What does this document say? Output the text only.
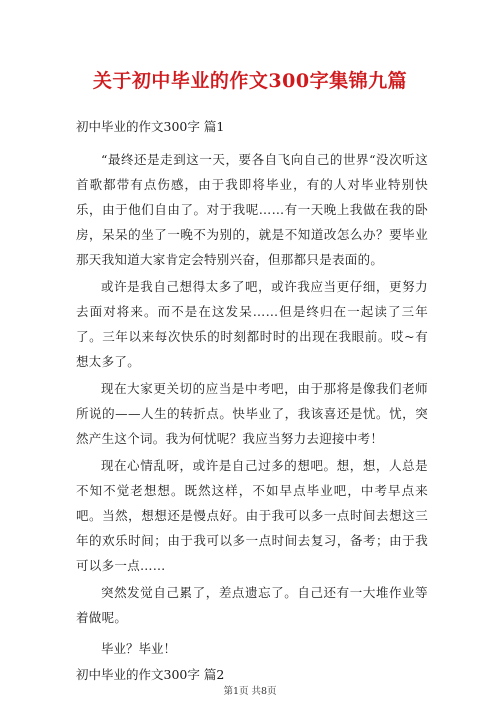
关于初中毕业的作文300字集锦九篇
初中毕业的作文300字 篇1

“最终还是走到这一天，要各自飞向自己的世界“没次听这首歌都带有点伤感，由于我即将毕业，有的人对毕业特别快乐，由于他们自由了。对于我呢……有一天晚上我做在我的卧房，呆呆的坐了一晚不为别的，就是不知道改怎么办？要毕业那天我知道大家肯定会特别兴奋，但那都只是表面的。

或许是我自己想得太多了吧，或许我应当更仔细，更努力去面对将来。而不是在这发呆……但是终归在一起读了三年了。三年以来每次快乐的时刻都时时的出现在我眼前。哎~有想太多了。

现在大家更关切的应当是中考吧，由于那将是像我们老师所说的——人生的转折点。快毕业了，我该喜还是忧。忧，突然产生这个词。我为何忧呢？我应当努力去迎接中考！

现在心情乱呀，或许是自己过多的想吧。想，想，人总是不知不觉老想想。既然这样，不如早点毕业吧，中考早点来吧。当然，想想还是慢点好。由于我可以多一点时间去想这三年的欢乐时间；由于我可以多一点时间去复习，备考；由于我可以多一点……

突然发觉自己累了，差点遗忘了。自己还有一大堆作业等着做呢。

毕业？毕业！

初中毕业的作文300字 篇2
第1页 共8页
